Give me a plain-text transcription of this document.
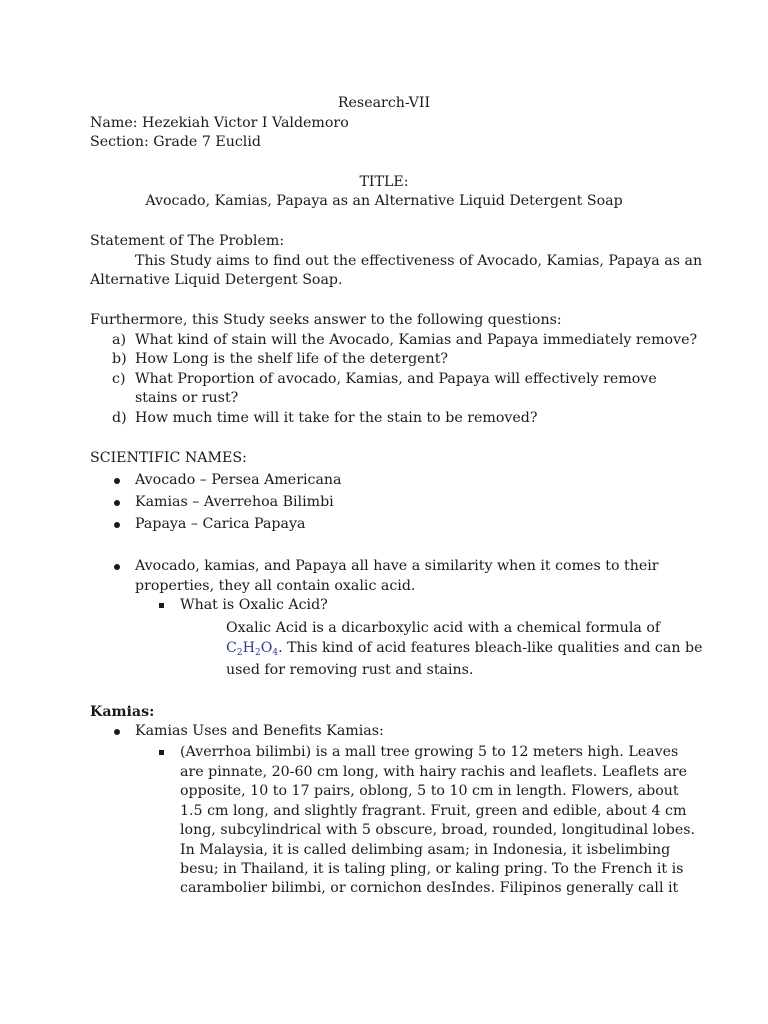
Research-VII
Name: Hezekiah Victor I Valdemoro
Section: Grade 7 Euclid
TITLE:
Avocado, Kamias, Papaya as an Alternative Liquid Detergent Soap
Statement of The Problem:
This Study aims to find out the effectiveness of Avocado, Kamias, Papaya as an
Alternative Liquid Detergent Soap.
Furthermore, this Study seeks answer to the following questions:
a) What kind of stain will the Avocado, Kamias and Papaya immediately remove?
b) How Long is the shelf life of the detergent?
c) What Proportion of avocado, Kamias, and Papaya will effectively remove
stains or rust?
d) How much time will it take for the stain to be removed?
SCIENTIFIC NAMES:
Avocado – Persea Americana
Kamias – Averrehoa Bilimbi
Papaya – Carica Papaya
Avocado, kamias, and Papaya all have a similarity when it comes to their
properties, they all contain oxalic acid.
What is Oxalic Acid?
Oxalic Acid is a dicarboxylic acid with a chemical formula of
$C_2H_2O_4$. This kind of acid features bleach-like qualities and can be
used for removing rust and stains.
Kamias:
Kamias Uses and Benefits Kamias:
(Averrhoa bilimbi) is a mall tree growing 5 to 12 meters high. Leaves
are pinnate, 20-60 cm long, with hairy rachis and leaflets. Leaflets are
opposite, 10 to 17 pairs, oblong, 5 to 10 cm in length. Flowers, about
1.5 cm long, and slightly fragrant. Fruit, green and edible, about 4 cm
long, subcylindrical with 5 obscure, broad, rounded, longitudinal lobes.
In Malaysia, it is called delimbing asam; in Indonesia, it isbelimbing
besu; in Thailand, it is taling pling, or kaling pring. To the French it is
carambolier bilimbi, or cornichon desIndes. Filipinos generally call it
